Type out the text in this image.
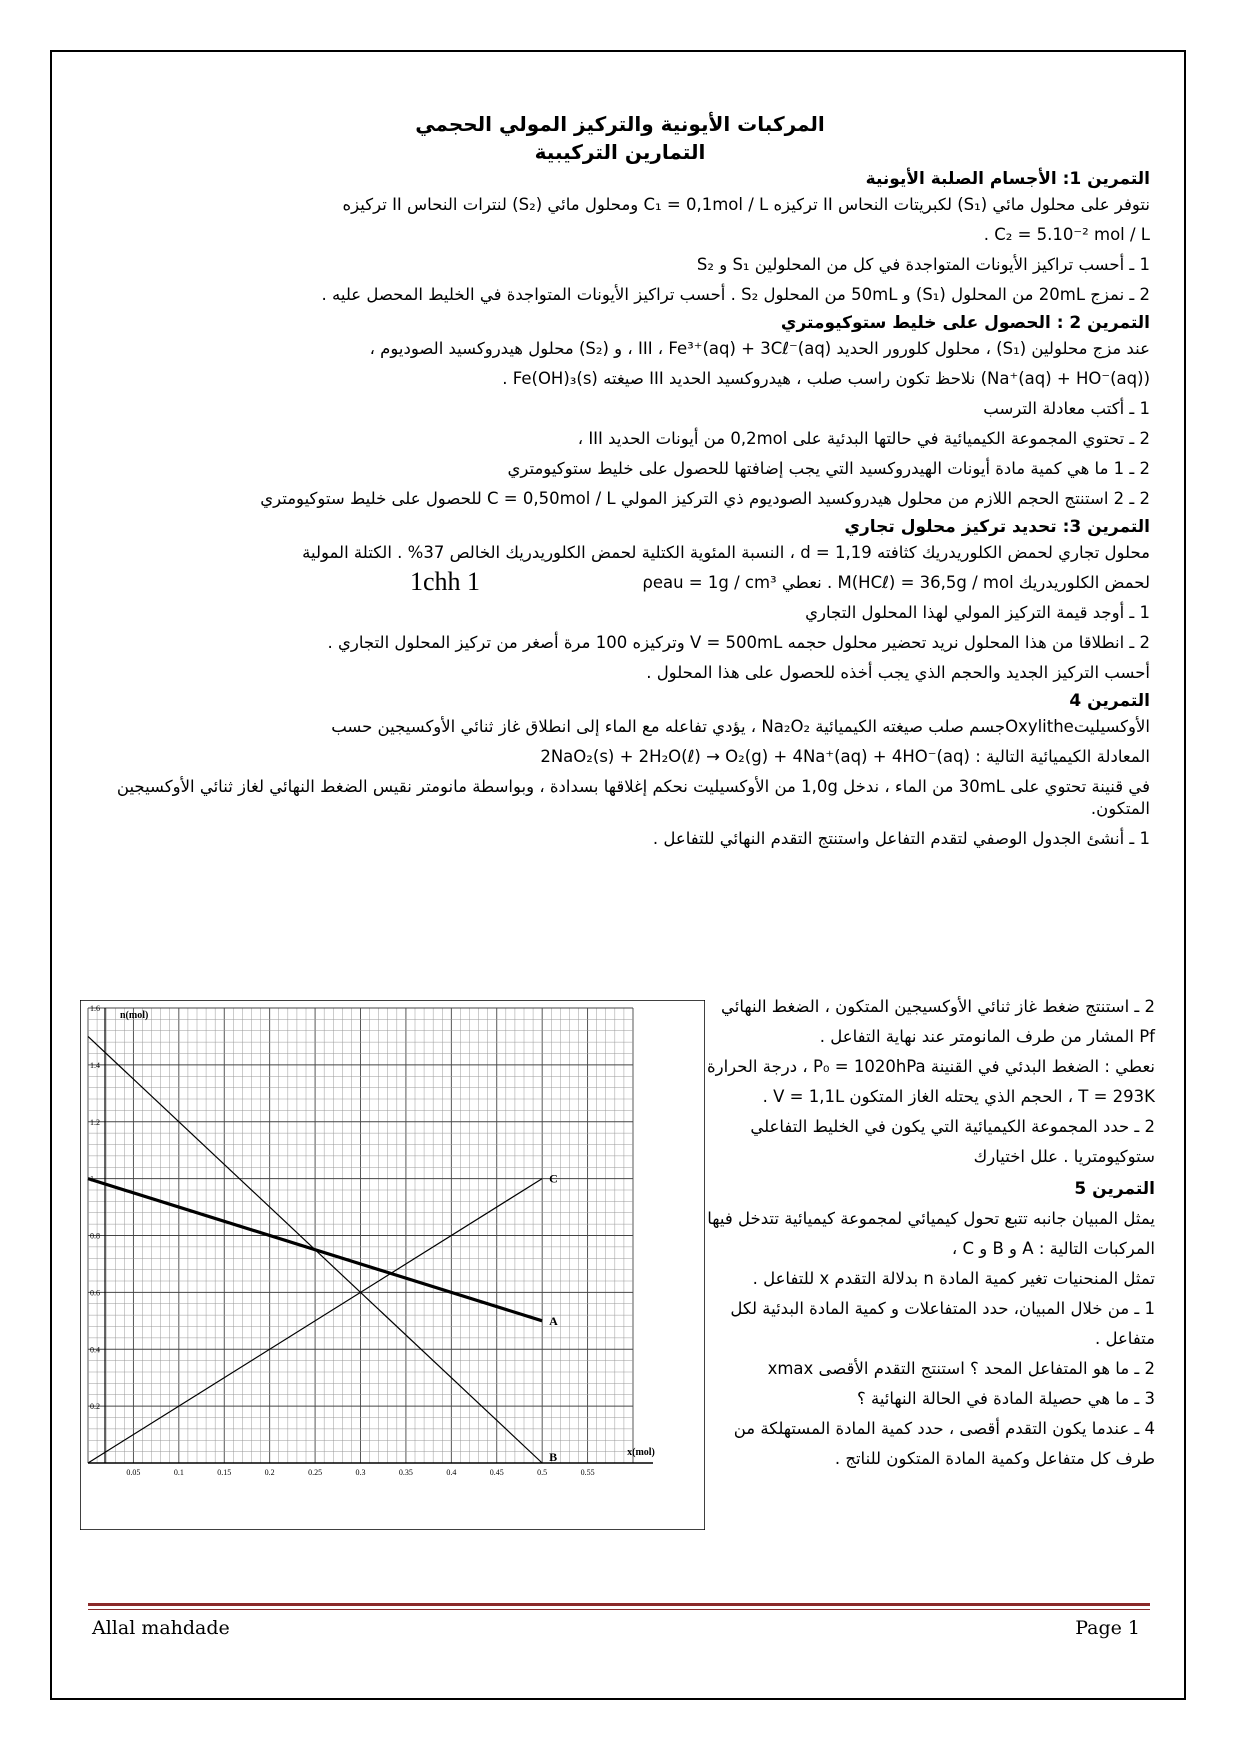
المركبات الأيونية والتركيز المولي الحجمي
التمارين التركيبية
التمرين 1: الأجسام الصلبة الأيونية
نتوفر على محلول مائي (S₁) لكبريتات النحاس II تركيزه C₁ = 0,1mol / L ومحلول مائي (S₂) لنترات النحاس II تركيزه
C₂ = 5.10⁻² mol / L .
1 ـ أحسب تراكيز الأيونات المتواجدة في كل من المحلولين S₁ و S₂
2 ـ نمزج 20mL من المحلول (S₁) و 50mL من المحلول S₂ . أحسب تراكيز الأيونات المتواجدة في الخليط المحصل عليه .
التمرين 2 : الحصول على خليط ستوكيومتري
عند مزج محلولين (S₁) ، محلول كلورور الحديد III ، Fe³⁺(aq) + 3Cℓ⁻(aq) ، و (S₂) محلول هيدروكسيد الصوديوم ،
(Na⁺(aq) + HO⁻(aq)) نلاحظ تكون راسب صلب ، هيدروكسيد الحديد III صيغته Fe(OH)₃(s) .
1 ـ أكتب معادلة الترسب
2 ـ تحتوي المجموعة الكيميائية في حالتها البدئية على 0,2mol من أيونات الحديد III ،
2 ـ 1 ما هي كمية مادة أيونات الهيدروكسيد التي يجب إضافتها للحصول على خليط ستوكيومتري
2 ـ 2 استنتج الحجم اللازم من محلول هيدروكسيد الصوديوم ذي التركيز المولي C = 0,50mol / L للحصول على خليط ستوكيومتري
التمرين 3: تحديد تركيز محلول تجاري
محلول تجاري لحمض الكلوريدريك كثافته d = 1,19 ، النسبة المئوية الكتلية لحمض الكلوريدريك الخالص 37% . الكتلة المولية
لحمض الكلوريدريك M(HCℓ) = 36,5g / mol . نعطي ρeau = 1g / cm³
1 ـ أوجد قيمة التركيز المولي لهذا المحلول التجاري
2 ـ انطلاقا من هذا المحلول نريد تحضير محلول حجمه V = 500mL وتركيزه 100 مرة أصغر من تركيز المحلول التجاري .
أحسب التركيز الجديد والحجم الذي يجب أخذه للحصول على هذا المحلول .
التمرين 4
الأوكسيليتOxylitheجسم صلب صيغته الكيميائية Na₂O₂ ، يؤدي تفاعله مع الماء إلى انطلاق غاز ثنائي الأوكسيجين حسب
المعادلة الكيميائية التالية : 2NaO₂(s) + 2H₂O(ℓ) → O₂(g) + 4Na⁺(aq) + 4HO⁻(aq)
في قنينة تحتوي على 30mL من الماء ، ندخل 1,0g من الأوكسيليت نحكم إغلاقها بسدادة ، وبواسطة مانومتر نقيس الضغط النهائي لغاز ثنائي الأوكسيجين المتكون.
1 ـ أنشئ الجدول الوصفي لتقدم التفاعل واستنتج التقدم النهائي للتفاعل .
1chh 1
2 ـ استنتج ضغط غاز ثنائي الأوكسيجين المتكون ، الضغط النهائي Pf المشار من طرف المانومتر عند نهاية التفاعل .
نعطي : الضغط البدئي في القنينة P₀ = 1020hPa ، درجة الحرارة T = 293K ، الحجم الذي يحتله الغاز المتكون V = 1,1L .
2 ـ حدد المجموعة الكيميائية التي يكون في الخليط التفاعلي ستوكيومتريا . علل اختيارك
التمرين 5
يمثل المبيان جانبه تتبع تحول كيميائي لمجموعة كيميائية تتدخل فيها المركبات التالية : A و B و C ،
تمثل المنحنيات تغير كمية المادة n بدلالة التقدم x للتفاعل .
1 ـ من خلال المبيان، حدد المتفاعلات و كمية المادة البدئية لكل متفاعل .
2 ـ ما هو المتفاعل المحد ؟ استنتج التقدم الأقصى xmax
3 ـ ما هي حصيلة المادة في الحالة النهائية ؟
4 ـ عندما يكون التقدم أقصى ، حدد كمية المادة المستهلكة من طرف كل متفاعل وكمية المادة المتكون للناتج .
0.05	0.1	0.15	0.2	0.25	0.3	0.35	0.4	0.45	0.5	0.55
0.2
0.4
0.6
0.8
1
1.2
1.4
1.6
x(mol)
n(mol)
A
B
C
Allal mahdade	Page 1
